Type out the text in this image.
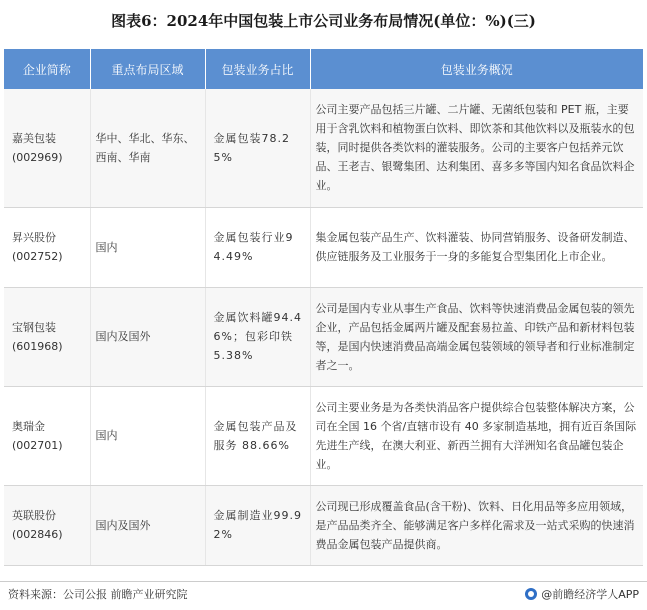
图表6：2024年中国包装上市公司业务布局情况(单位：%)(三)
企业简称	重点布局区域	包装业务占比	包装业务概况
嘉美包装
(002969)	华中、华北、华东、西南、华南	金属包装78.25%	公司主要产品包括三片罐、二片罐、无菌纸包装和 PET 瓶，主要用于含乳饮料和植物蛋白饮料、即饮茶和其他饮料以及瓶装水的包装，同时提供各类饮料的灌装服务。公司的主要客户包括养元饮品、王老吉、银鹭集团、达利集团、喜多多等国内知名食品饮料企业。
昇兴股份
(002752)	国内	金属包装行业94.49%	集金属包装产品生产、饮料灌装、协同营销服务、设备研发制造、供应链服务及工业服务于一身的多能复合型集团化上市企业。
宝钢包装
(601968)	国内及国外	金属饮料罐94.46%；包彩印铁 5.38%	公司是国内专业从事生产食品、饮料等快速消费品金属包装的领先企业，产品包括金属两片罐及配套易拉盖、印铁产品和新材料包装等，是国内快速消费品高端金属包装领域的领导者和行业标准制定者之一。
奥瑞金
(002701)	国内	金属包装产品及服务 88.66%	公司主要业务是为各类快消品客户提供综合包装整体解决方案，公司在全国 16 个省/直辖市设有 40 多家制造基地，拥有近百条国际先进生产线，在澳大利亚、新西兰拥有大洋洲知名食品罐包装企业。
英联股份
(002846)	国内及国外	金属制造业99.92%	公司现已形成覆盖食品(含干粉)、饮料、日化用品等多应用领域，是产品品类齐全、能够满足客户多样化需求及一站式采购的快速消费品金属包装产品提供商。
资料来源：公司公报 前瞻产业研究院	@前瞻经济学人APP
